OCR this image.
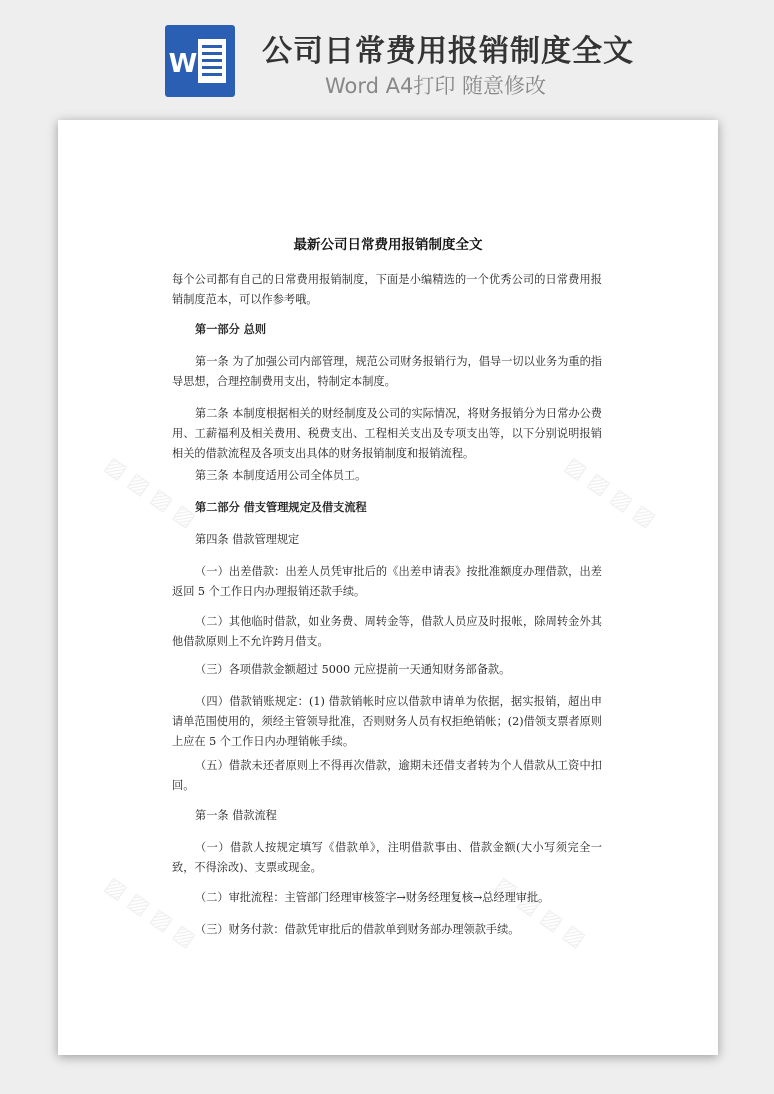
W 公司日常费用报销制度全文
Word A4打印 随意修改
▨ ▨ ▨ ▨	▨ ▨ ▨ ▨
▨ ▨ ▨ ▨	▨ ▨ ▨ ▨
最新公司日常费用报销制度全文
每个公司都有自己的日常费用报销制度，下面是小编精选的一个优秀公司的日常费用报销制度范本，可以作参考哦。
第一部分 总则
第一条 为了加强公司内部管理，规范公司财务报销行为，倡导一切以业务为重的指导思想，合理控制费用支出，特制定本制度。
第二条 本制度根据相关的财经制度及公司的实际情况，将财务报销分为日常办公费用、工薪福利及相关费用、税费支出、工程相关支出及专项支出等，以下分别说明报销相关的借款流程及各项支出具体的财务报销制度和报销流程。
第三条 本制度适用公司全体员工。
第二部分 借支管理规定及借支流程
第四条 借款管理规定
（一）出差借款：出差人员凭审批后的《出差申请表》按批准额度办理借款，出差返回 5 个工作日内办理报销还款手续。
（二）其他临时借款，如业务费、周转金等，借款人员应及时报帐，除周转金外其他借款原则上不允许跨月借支。
（三）各项借款金额超过 5000 元应提前一天通知财务部备款。
（四）借款销账规定：(1) 借款销帐时应以借款申请单为依据，据实报销，超出申请单范围使用的，须经主管领导批准，否则财务人员有权拒绝销帐；(2)借领支票者原则上应在 5 个工作日内办理销帐手续。
（五）借款未还者原则上不得再次借款，逾期未还借支者转为个人借款从工资中扣回。
第一条 借款流程
（一）借款人按规定填写《借款单》，注明借款事由、借款金额(大小写须完全一致，不得涂改)、支票或现金。
（二）审批流程：主管部门经理审核签字→财务经理复核→总经理审批。
（三）财务付款：借款凭审批后的借款单到财务部办理领款手续。
